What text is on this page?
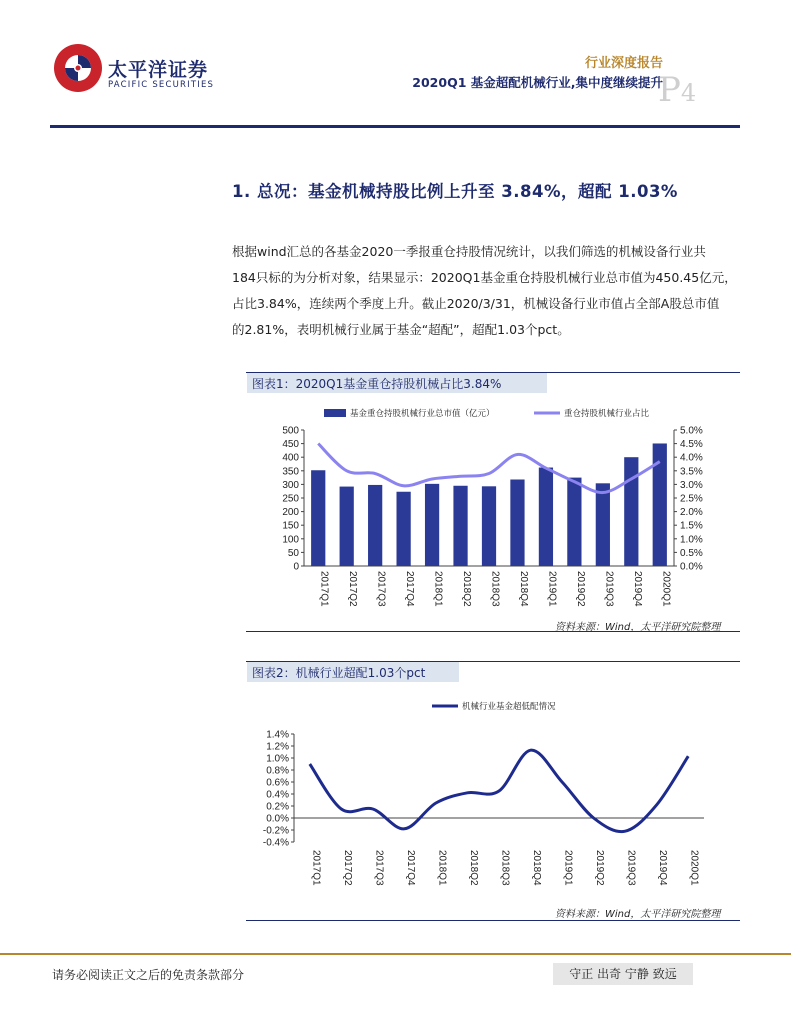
太平洋证券
PACIFIC SECURITIES
行业深度报告
2020Q1 基金超配机械行业,集中度继续提升
P4
1. 总况：基金机械持股比例上升至 3.84%，超配 1.03%
根据wind汇总的各基金2020一季报重仓持股情况统计，以我们筛选的机械设备行业共
184只标的为分析对象，结果显示：2020Q1基金重仓持股机械行业总市值为450.45亿元，
占比3.84%，连续两个季度上升。截止2020/3/31，机械设备行业市值占全部A股总市值
的2.81%，表明机械行业属于基金“超配”，超配1.03个pct。
图表1：2020Q1基金重仓持股机械占比3.84%
基金重仓持股机械行业总市值（亿元）	重仓持股机械行业占比
0
50
100
150
200
250
300
350
400
450
500
0.0%
0.5%
1.0%
1.5%
2.0%
2.5%
3.0%
3.5%
4.0%
4.5%
5.0%
2017Q1 2017Q2 2017Q3 2017Q4 2018Q1 2018Q2 2018Q3 2018Q4 2019Q1 2019Q2 2019Q3 2019Q4 2020Q1
资料来源：Wind，太平洋研究院整理
图表2：机械行业超配1.03个pct
机械行业基金超低配情况
-0.4%
-0.2%
0.0%
0.2%
0.4%
0.6%
0.8%
1.0%
1.2%
1.4%
2017Q1 2017Q2 2017Q3 2017Q4 2018Q1 2018Q2 2018Q3 2018Q4 2019Q1 2019Q2 2019Q3 2019Q4 2020Q1
资料来源：Wind，太平洋研究院整理
请务必阅读正文之后的免责条款部分	守正 出奇 宁静 致远
